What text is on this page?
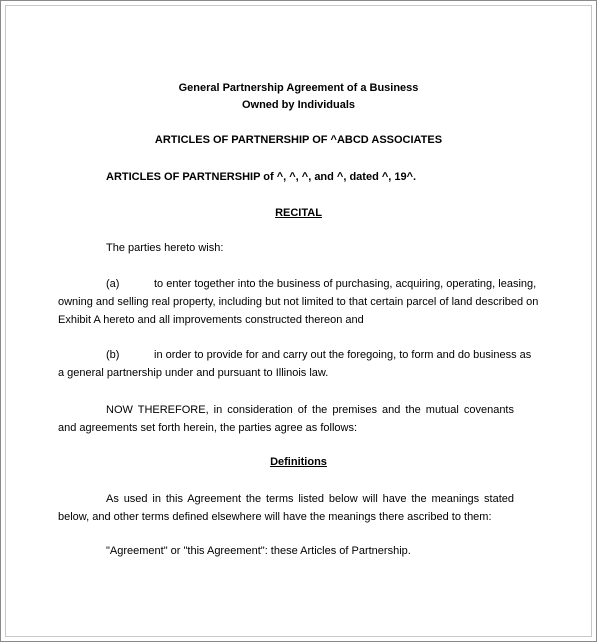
General Partnership Agreement of a Business
Owned by Individuals
ARTICLES OF PARTNERSHIP OF ^ABCD ASSOCIATES
ARTICLES OF PARTNERSHIP of ^, ^, ^, and ^, dated ^, 19^.
RECITAL
The parties hereto wish:
(a)	to enter together into the business of purchasing, acquiring, operating, leasing,
owning and selling real property, including but not limited to that certain parcel of land described on
Exhibit A hereto and all improvements constructed thereon and
(b)	in order to provide for and carry out the foregoing, to form and do business as
a general partnership under and pursuant to Illinois law.
NOW THEREFORE, in consideration of the premises and the mutual covenants and agreements set forth herein, the parties agree as follows:
Definitions
As used in this Agreement the terms listed below will have the meanings stated below, and other terms defined elsewhere will have the meanings there ascribed to them:
"Agreement" or "this Agreement": these Articles of Partnership.
